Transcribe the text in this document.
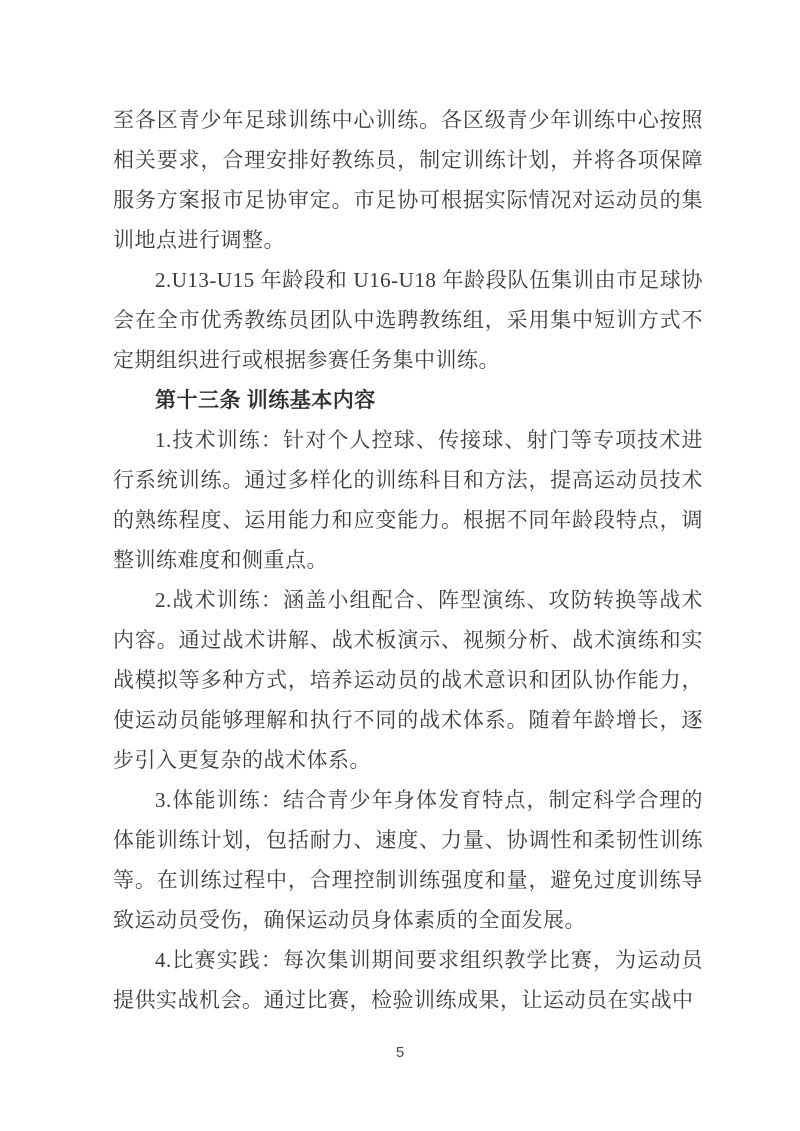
至各区青少年足球训练中心训练。各区级青少年训练中心按照相关要求，合理安排好教练员，制定训练计划，并将各项保障服务方案报市足协审定。市足协可根据实际情况对运动员的集训地点进行调整。

2.U13-U15 年龄段和 U16-U18 年龄段队伍集训由市足球协会在全市优秀教练员团队中选聘教练组，采用集中短训方式不定期组织进行或根据参赛任务集中训练。

第十三条 训练基本内容

1.技术训练：针对个人控球、传接球、射门等专项技术进行系统训练。通过多样化的训练科目和方法，提高运动员技术的熟练程度、运用能力和应变能力。根据不同年龄段特点，调整训练难度和侧重点。

2.战术训练：涵盖小组配合、阵型演练、攻防转换等战术内容。通过战术讲解、战术板演示、视频分析、战术演练和实战模拟等多种方式，培养运动员的战术意识和团队协作能力，使运动员能够理解和执行不同的战术体系。随着年龄增长，逐步引入更复杂的战术体系。

3.体能训练：结合青少年身体发育特点，制定科学合理的体能训练计划，包括耐力、速度、力量、协调性和柔韧性训练等。在训练过程中，合理控制训练强度和量，避免过度训练导致运动员受伤，确保运动员身体素质的全面发展。

4.比赛实践：每次集训期间要求组织教学比赛，为运动员提供实战机会。通过比赛，检验训练成果，让运动员在实战中

5
